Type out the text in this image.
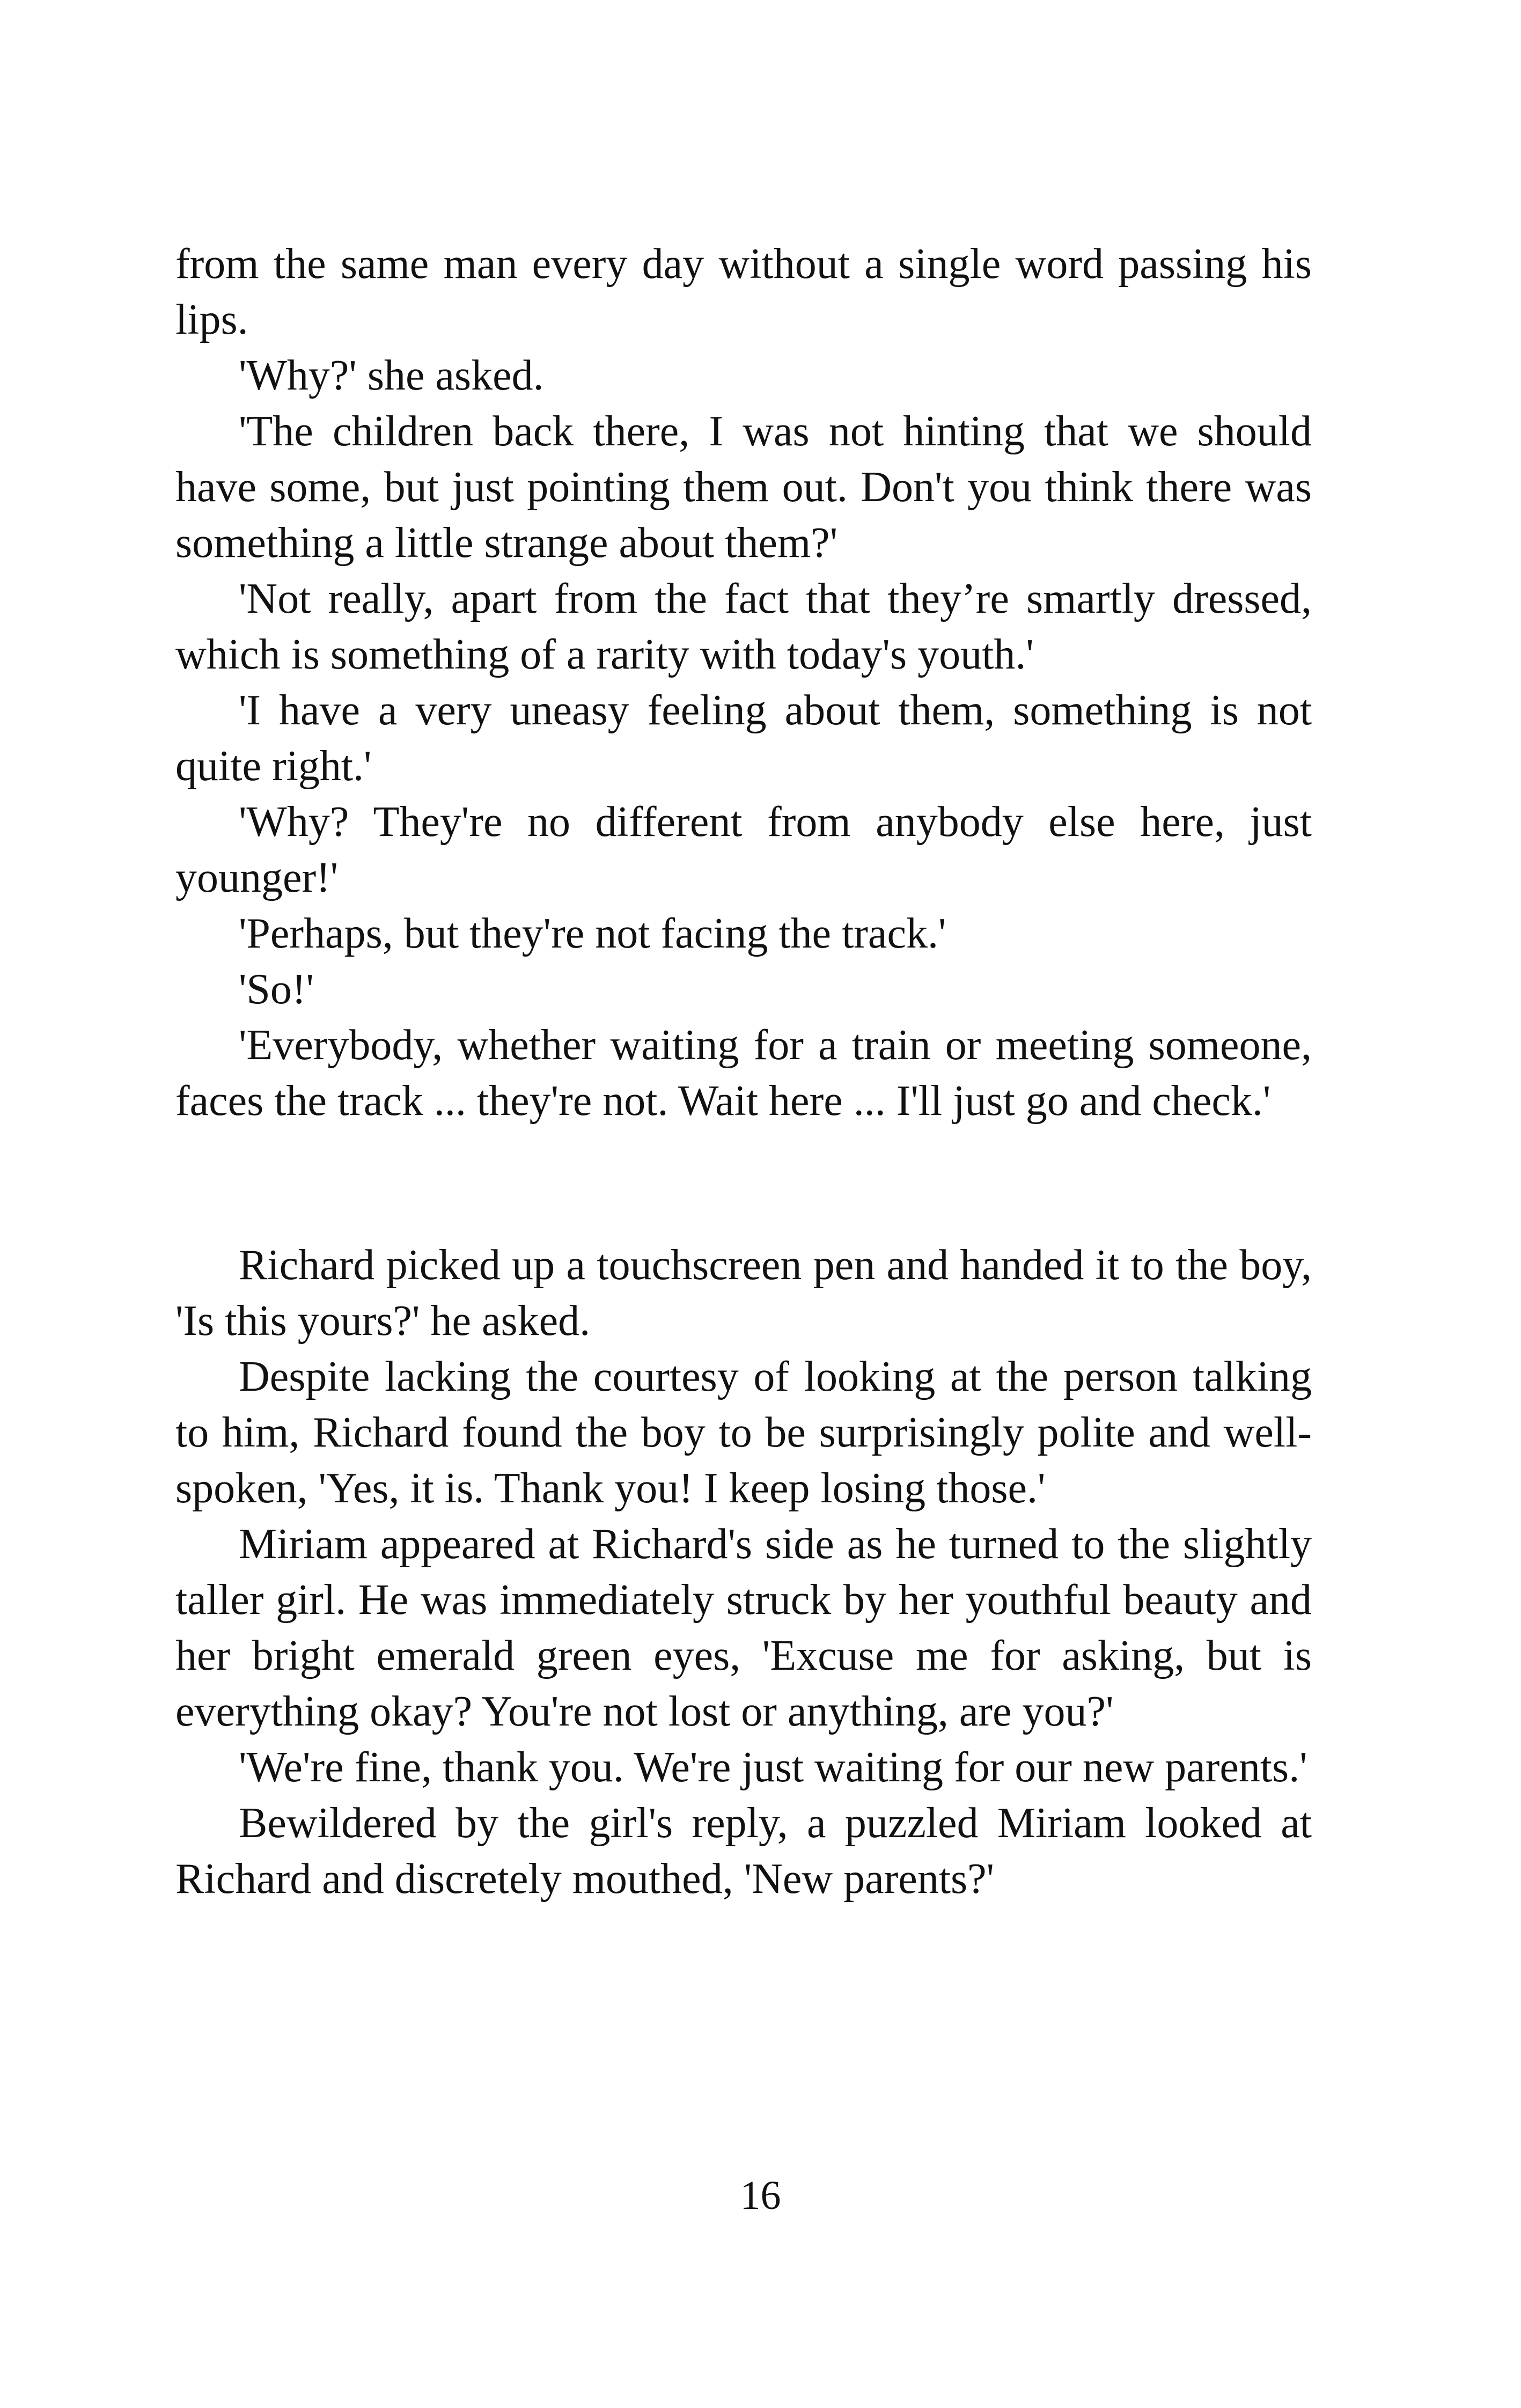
from the same man every day without a single word passing his lips.

'Why?' she asked.

'The children back there, I was not hinting that we should have some, but just pointing them out. Don't you think there was something a little strange about them?'

'Not really, apart from the fact that they’re smartly dressed, which is something of a rarity with today's youth.'

'I have a very uneasy feeling about them, something is not quite right.'

'Why? They're no different from anybody else here, just younger!'

'Perhaps, but they're not facing the track.'

'So!'

'Everybody, whether waiting for a train or meeting someone, faces the track ... they're not. Wait here ... I'll just go and check.'

Richard picked up a touchscreen pen and handed it to the boy, 'Is this yours?' he asked.

Despite lacking the courtesy of looking at the person talking to him, Richard found the boy to be surprisingly polite and well-spoken, 'Yes, it is. Thank you! I keep losing those.'

Miriam appeared at Richard's side as he turned to the slightly taller girl. He was immediately struck by her youthful beauty and her bright emerald green eyes, 'Excuse me for asking, but is everything okay? You're not lost or anything, are you?'

'We're fine, thank you. We're just waiting for our new parents.'

Bewildered by the girl's reply, a puzzled Miriam looked at Richard and discretely mouthed, 'New parents?'

16
